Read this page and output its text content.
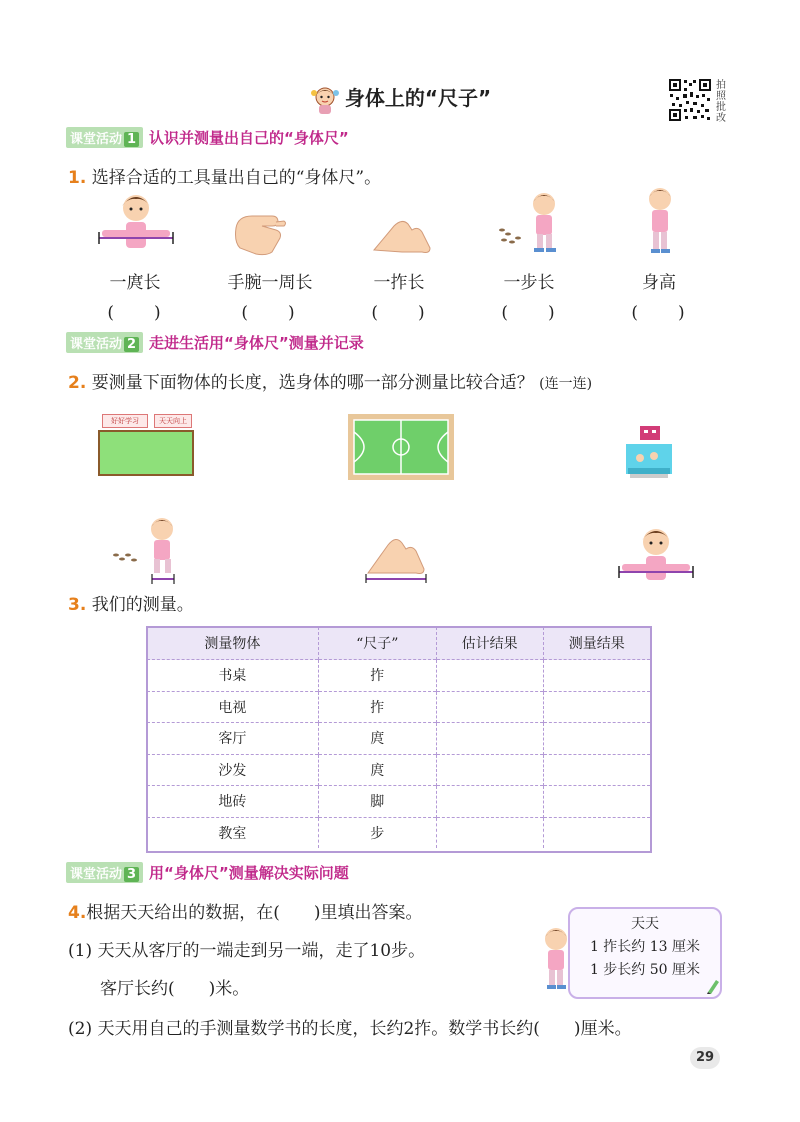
身体上的“尺子”
拍照批改
课堂活动 1 认识并测量出自己的“身体尺”
1. 选择合适的工具量出自己的“身体尺”。
一庹长	手腕一周长	一拃长	一步长	身高
(　　)	(　　)	(　　)	(　　)	(　　)
课堂活动 2 走进生活用“身体尺”测量并记录
2. 要测量下面物体的长度，选身体的哪一部分测量比较合适？ (连一连)
好好学习	天天向上
3. 我们的测量。
测量物体	“尺子”	估计结果	测量结果
书桌	拃		
电视	拃		
客厅	庹		
沙发	庹		
地砖	脚		
教室	步		
课堂活动 3 用“身体尺”测量解决实际问题
4.根据天天给出的数据，在(　　)里填出答案。
(1) 天天从客厅的一端走到另一端，走了10步。
客厅长约(　　)米。
(2) 天天用自己的手测量数学书的长度，长约2拃。数学书长约(　　)厘米。
天天
1 拃长约 13 厘米
1 步长约 50 厘米
29
